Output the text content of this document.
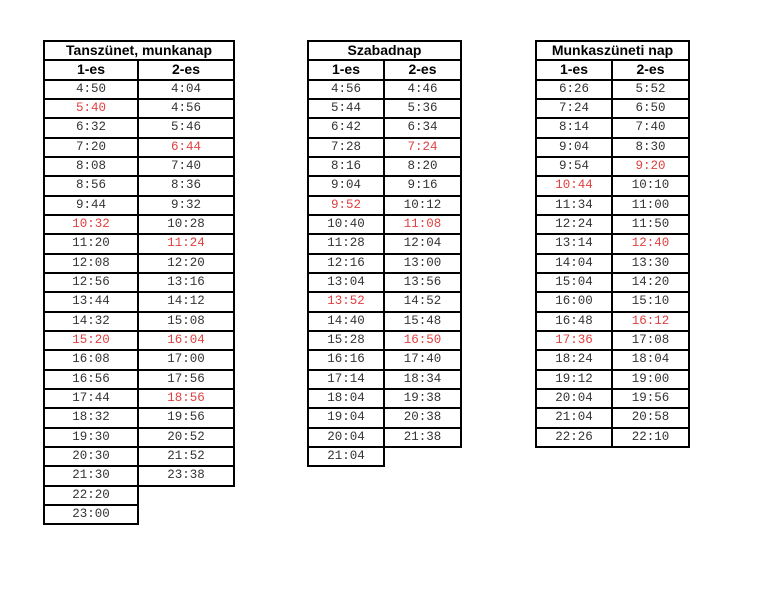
Tanszünet, munkanap	
1-es	2-es
4:50	4:04
5:40	4:56
6:32	5:46
7:20	6:44
8:08	7:40
8:56	8:36
9:44	9:32
10:32	10:28
11:20	11:24
12:08	12:20
12:56	13:16
13:44	14:12
14:32	15:08
15:20	16:04
16:08	17:00
16:56	17:56
17:44	18:56
18:32	19:56
19:30	20:52
20:30	21:52
21:30	23:38
22:20	
23:00	
Szabadnap	
1-es	2-es
4:56	4:46
5:44	5:36
6:42	6:34
7:28	7:24
8:16	8:20
9:04	9:16
9:52	10:12
10:40	11:08
11:28	12:04
12:16	13:00
13:04	13:56
13:52	14:52
14:40	15:48
15:28	16:50
16:16	17:40
17:14	18:34
18:04	19:38
19:04	20:38
20:04	21:38
21:04	
Munkaszüneti nap	
1-es	2-es
6:26	5:52
7:24	6:50
8:14	7:40
9:04	8:30
9:54	9:20
10:44	10:10
11:34	11:00
12:24	11:50
13:14	12:40
14:04	13:30
15:04	14:20
16:00	15:10
16:48	16:12
17:36	17:08
18:24	18:04
19:12	19:00
20:04	19:56
21:04	20:58
22:26	22:10
